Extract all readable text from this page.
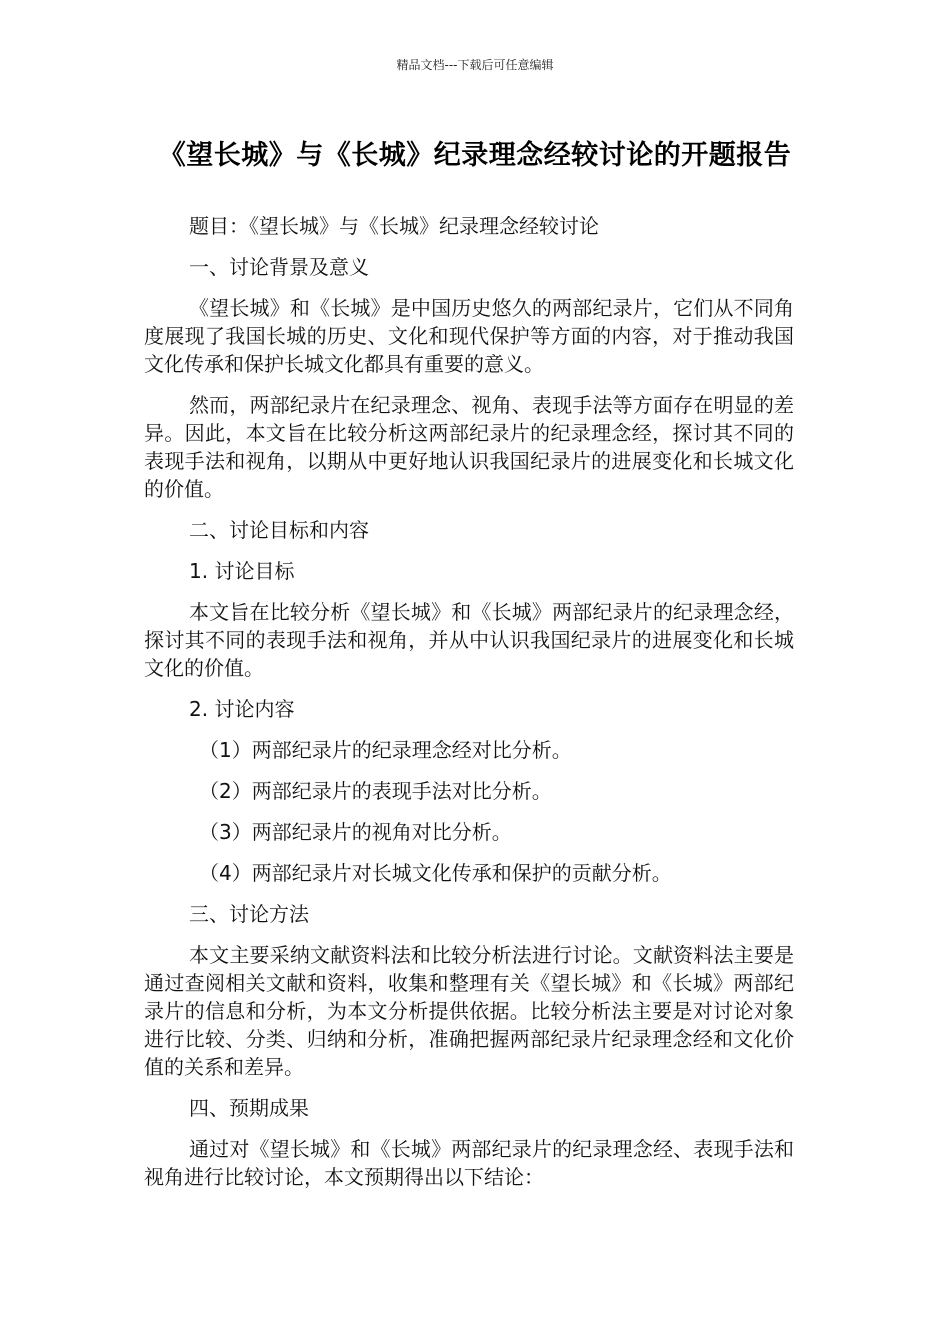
精品文档---下载后可任意编辑
《望长城》与《长城》纪录理念经较讨论的开题报告

题目：《望长城》与《长城》纪录理念经较讨论

一、讨论背景及意义

《望长城》和《长城》是中国历史悠久的两部纪录片，它们从不同角度展现了我国长城的历史、文化和现代保护等方面的内容，对于推动我国文化传承和保护长城文化都具有重要的意义。

然而，两部纪录片在纪录理念、视角、表现手法等方面存在明显的差异。因此，本文旨在比较分析这两部纪录片的纪录理念经，探讨其不同的表现手法和视角，以期从中更好地认识我国纪录片的进展变化和长城文化的价值。

二、讨论目标和内容

1. 讨论目标

本文旨在比较分析《望长城》和《长城》两部纪录片的纪录理念经，探讨其不同的表现手法和视角，并从中认识我国纪录片的进展变化和长城文化的价值。

2. 讨论内容

（1）两部纪录片的纪录理念经对比分析。

（2）两部纪录片的表现手法对比分析。

（3）两部纪录片的视角对比分析。

（4）两部纪录片对长城文化传承和保护的贡献分析。

三、讨论方法

本文主要采纳文献资料法和比较分析法进行讨论。文献资料法主要是通过查阅相关文献和资料，收集和整理有关《望长城》和《长城》两部纪录片的信息和分析，为本文分析提供依据。比较分析法主要是对讨论对象进行比较、分类、归纳和分析，准确把握两部纪录片纪录理念经和文化价值的关系和差异。

四、预期成果

通过对《望长城》和《长城》两部纪录片的纪录理念经、表现手法和视角进行比较讨论，本文预期得出以下结论：
